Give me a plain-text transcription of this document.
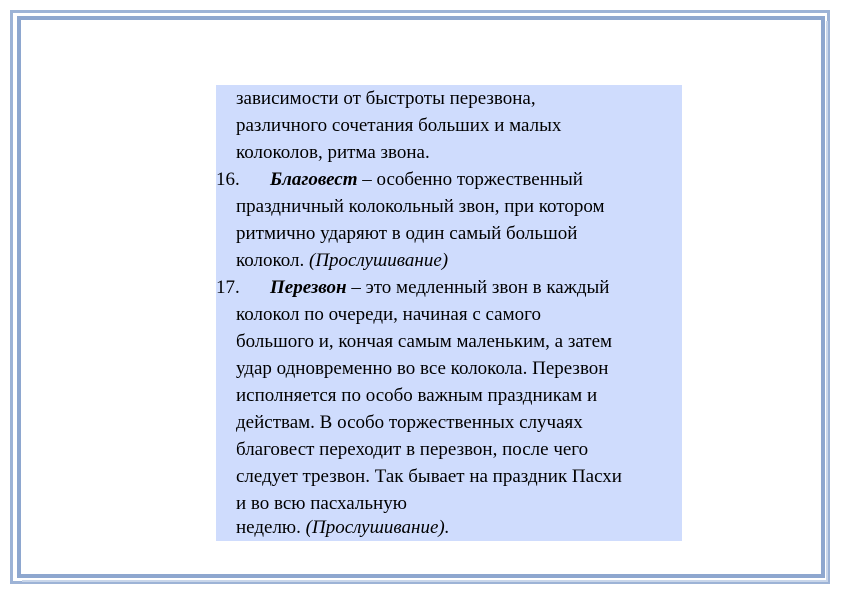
зависимости от быстроты перезвона,
различного сочетания больших и малых
колоколов, ритма звона.
16. Благовест – особенно торжественный
праздничный колокольный звон, при котором
ритмично ударяют в один самый большой
колокол. (Прослушивание)
17. Перезвон – это медленный звон в каждый
колокол по очереди, начиная с самого
большого и, кончая самым маленьким, а затем
удар одновременно во все колокола. Перезвон
исполняется по особо важным праздникам и
действам. В особо торжественных случаях
благовест переходит в перезвон, после чего
следует трезвон. Так бывает на праздник Пасхи
и во всю пасхальную
неделю. (Прослушивание).
